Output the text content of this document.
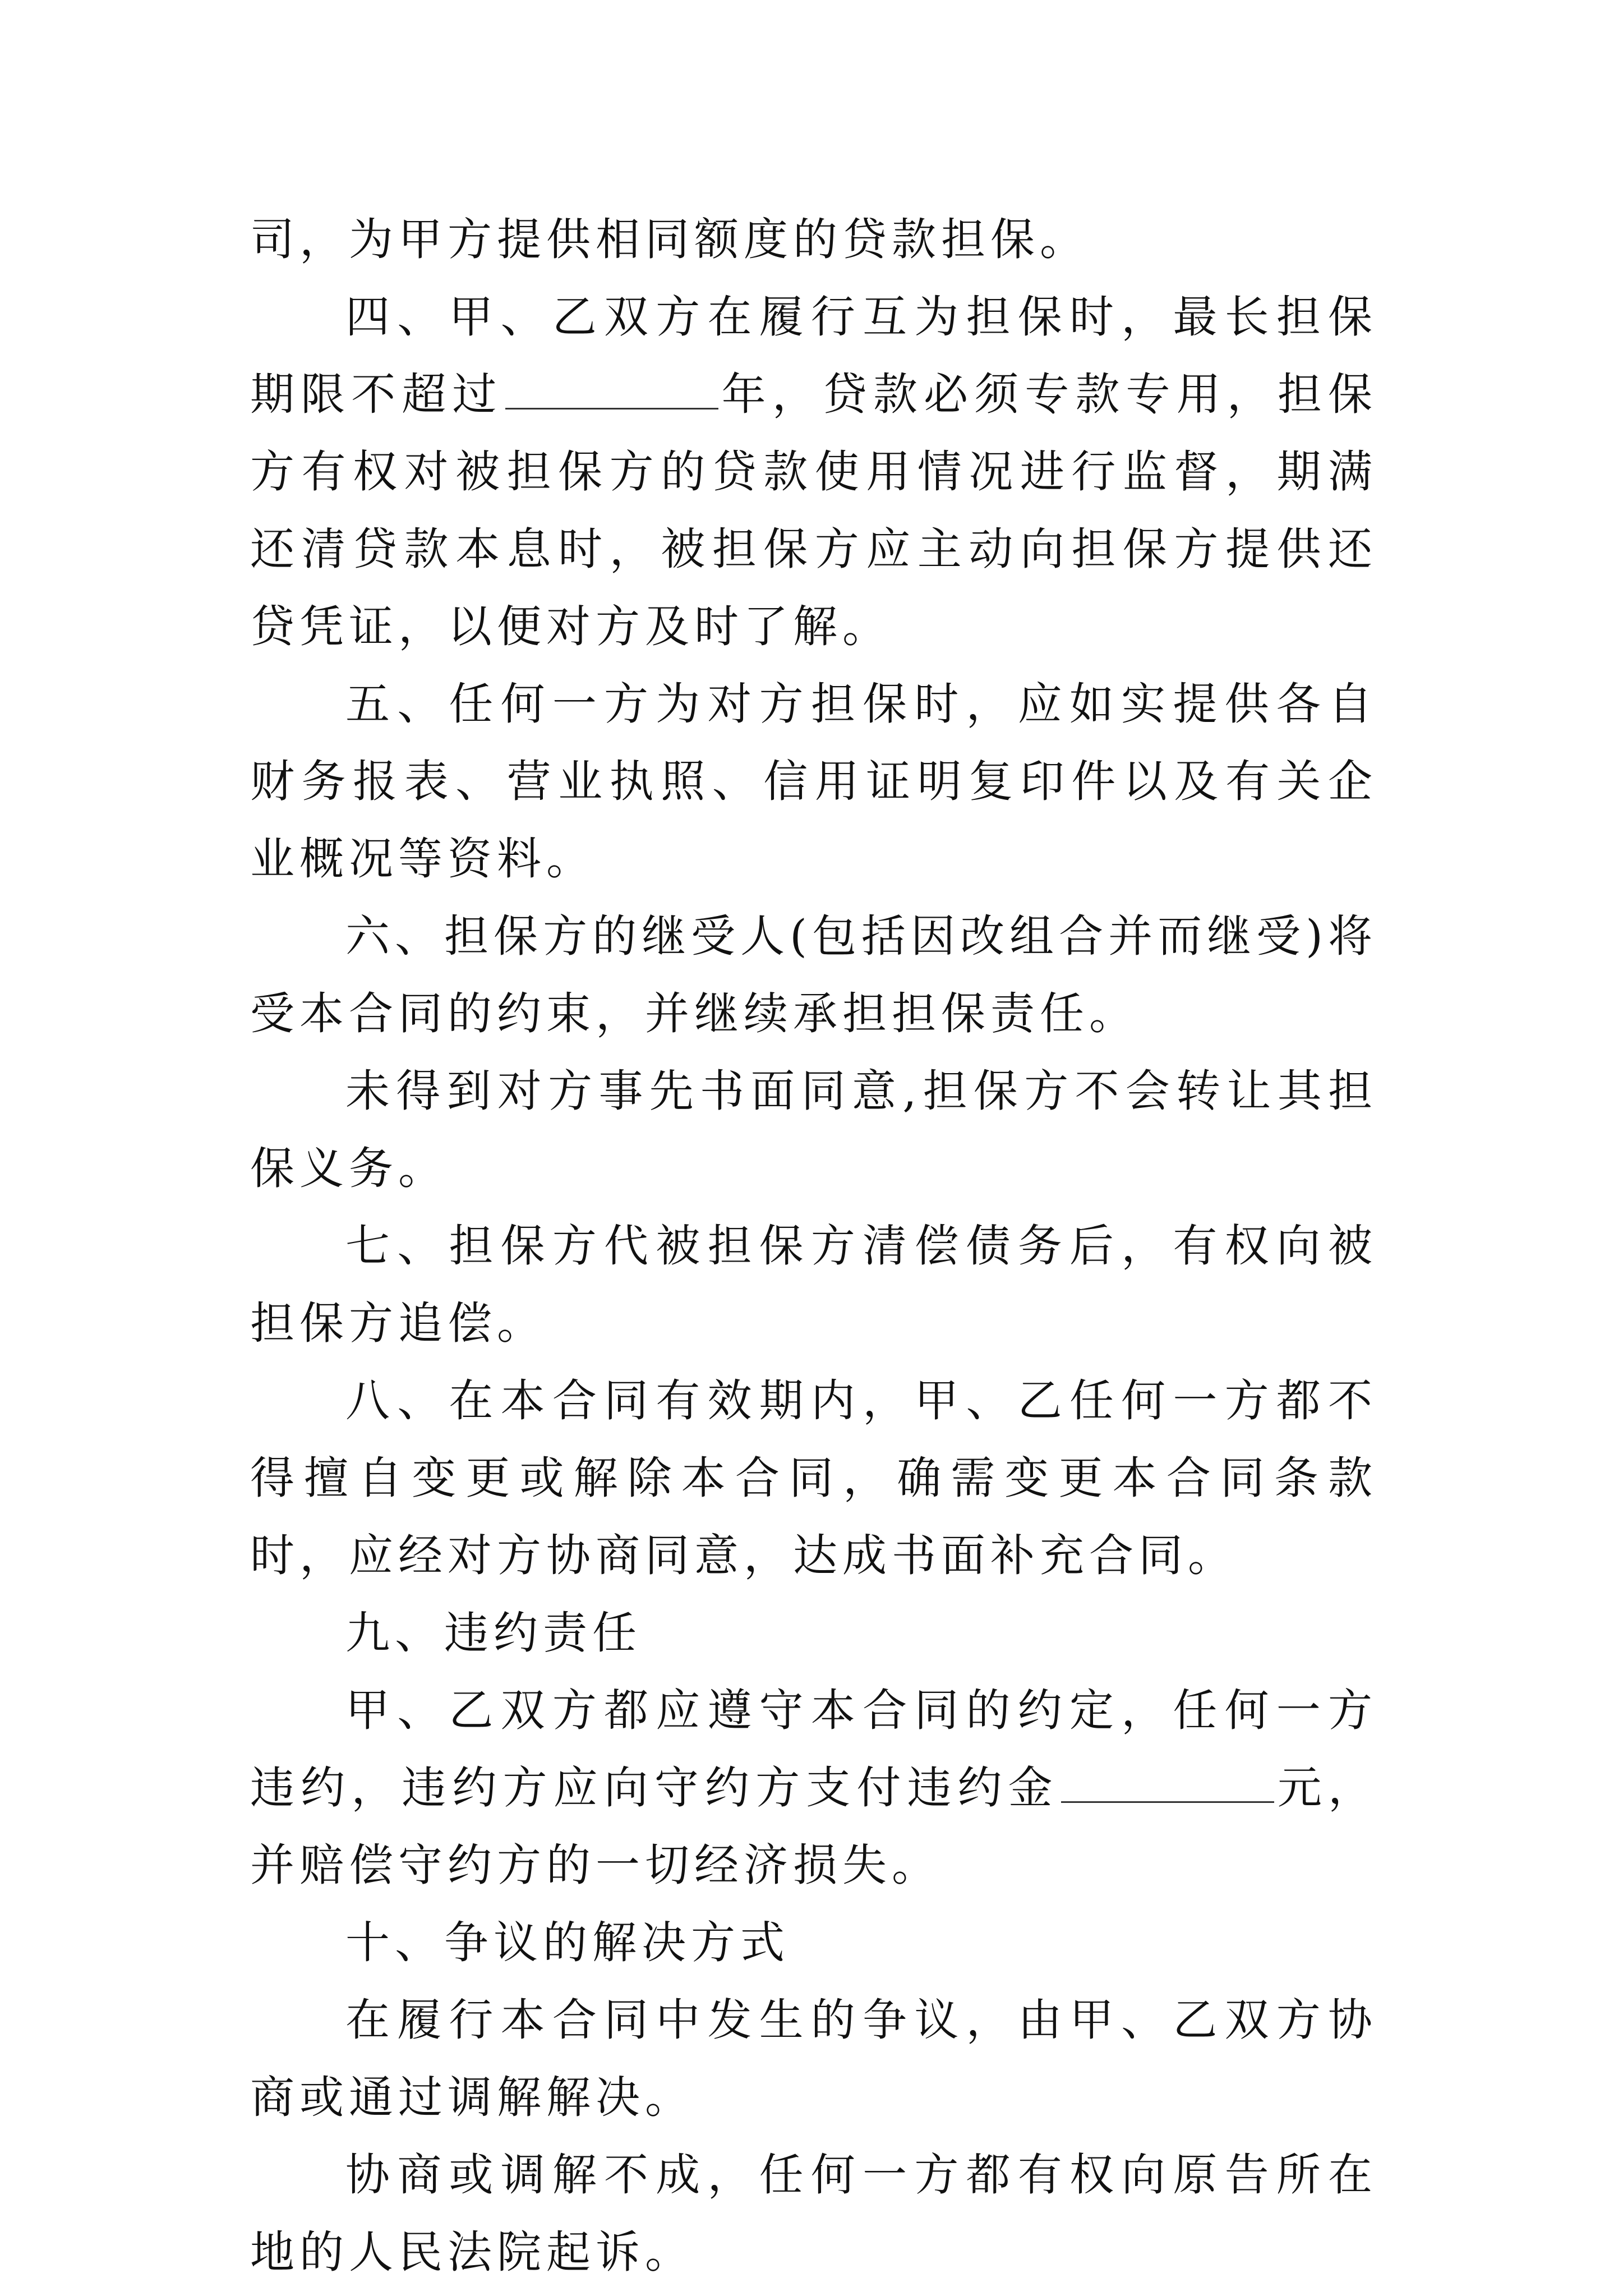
司，为甲方提供相同额度的贷款担保。

四、甲、乙双方在履行互为担保时，最长担保期限不超过	年，贷款必须专款专用，担保方有权对被担保方的贷款使用情况进行监督，期满还清贷款本息时，被担保方应主动向担保方提供还贷凭证，以便对方及时了解。

五、任何一方为对方担保时，应如实提供各自财务报表、营业执照、信用证明复印件以及有关企业概况等资料。

六、担保方的继受人(包括因改组合并而继受)将受本合同的约束，并继续承担担保责任。

未得到对方事先书面同意,担保方不会转让其担保义务。

七、担保方代被担保方清偿债务后，有权向被担保方追偿。

八、在本合同有效期内，甲、乙任何一方都不得擅自变更或解除本合同，确需变更本合同条款时，应经对方协商同意，达成书面补充合同。

九、违约责任

甲、乙双方都应遵守本合同的约定，任何一方违约，违约方应向守约方支付违约金	元，并赔偿守约方的一切经济损失。

十、争议的解决方式

在履行本合同中发生的争议，由甲、乙双方协商或通过调解解决。

协商或调解不成，任何一方都有权向原告所在地的人民法院起诉。
